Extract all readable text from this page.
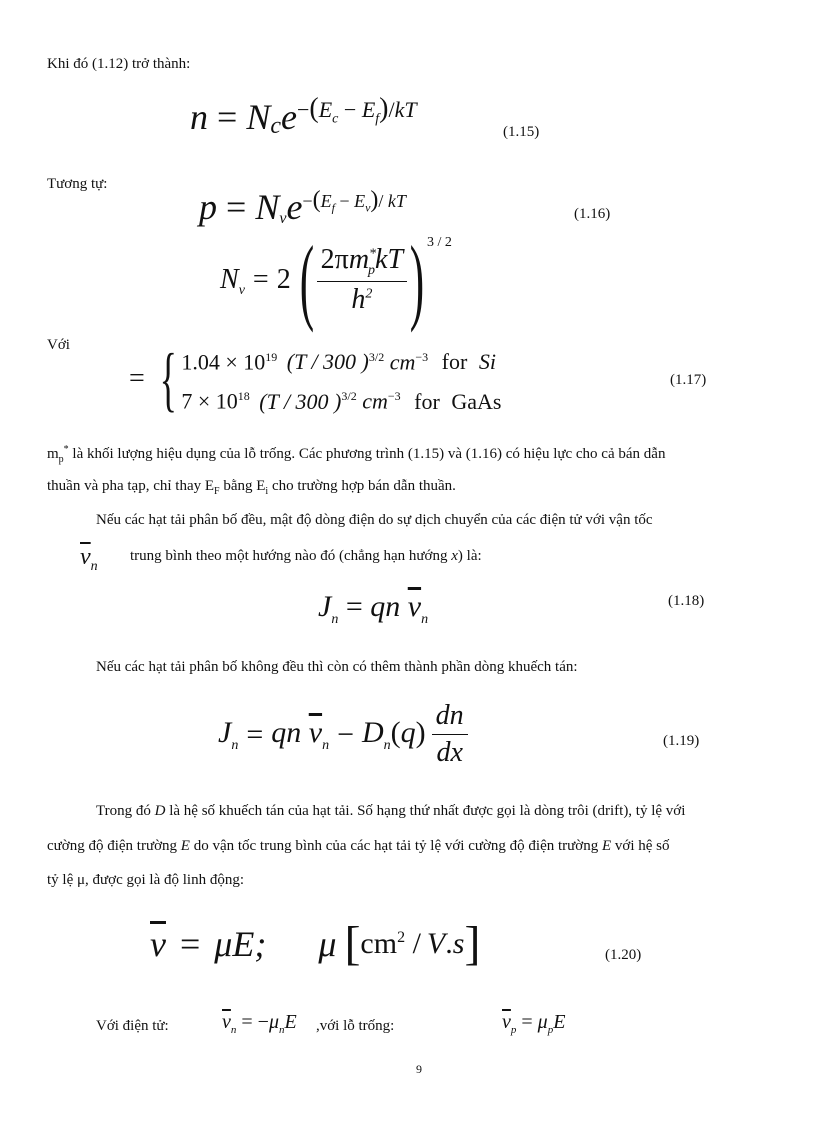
Khi đó (1.12) trở thành:
$n = N_ce^{-(E_c - E_f)/kT}$
(1.15)
Tương tự:
$p = N_ve^{-(E_f - E_v)/ kT}$
(1.16)
N v = 2 ( $\frac{2\pi m^*_pkT}{h^2}$ ) 3 / 2
Với
= { $1.04 \times 10^{19}$ (T / 300 )$^{3/2}$ $cm^{-3}$ for Si
$7 \times 10^{18}$ (T / 300 )$^{3/2}$ $cm^{-3}$ for GaAs
(1.17)
$m_p^*$ là khối lượng hiệu dụng của lỗ trống. Các phương trình (1.15) và (1.16) có hiệu lực cho cả bán dẫn
thuần và pha tạp, chỉ thay $E_F$ bằng $E_i$ cho trường hợp bán dẫn thuần.
Nếu các hạt tải phân bố đều, mật độ dòng điện do sự dịch chuyển của các điện tử với vận tốc
$\overline{v}_n$
trung bình theo một hướng nào đó (chẳng hạn hướng x) là:
$J_n$ = qn $\overline{v}_n$
(1.18)
Nếu các hạt tải phân bố không đều thì còn có thêm thành phần dòng khuếch tán:
$J_n$ = qn $\overline{v}_n - D_n(q) \frac{dn}{dx}$	(1.19)
Trong đó D là hệ số khuếch tán của hạt tải. Số hạng thứ nhất được gọi là dòng trôi (drift), tỷ lệ với
cường độ điện trường E do vận tốc trung bình của các hạt tải tỷ lệ với cường độ điện trường E với hệ số
tỷ lệ μ, được gọi là độ linh động:
$\overline{v} = \mu E$; μ [ $cm^2$ / V . s ]	(1.20)
Với điện tử:	$\overline{v}_n = -\mu_nE$ ,với lỗ trống:	$\overline{v}_p = \mu_pE$
9
